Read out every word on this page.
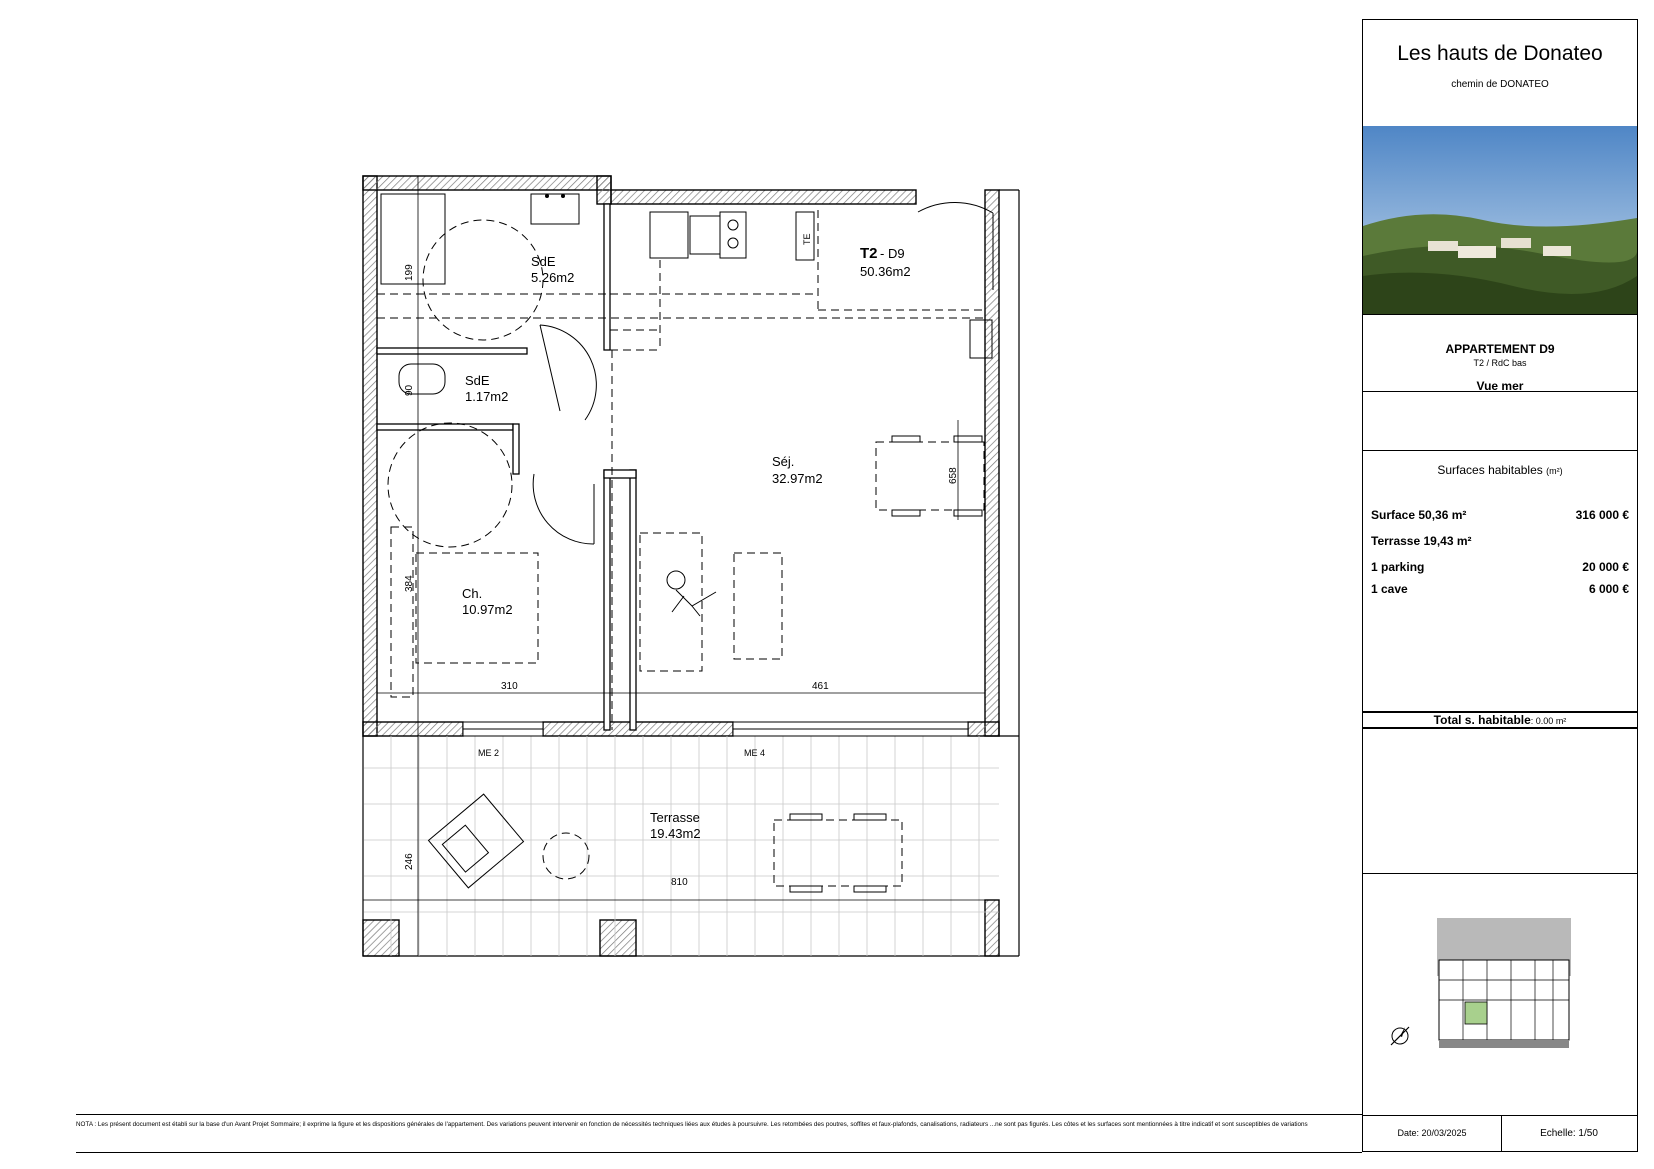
SdE
5.26m2
SdE
1.17m2
Séj.
32.97m2
Ch.
10.97m2
Terrasse
19.43m2
T2 - D9
50.36m2
199
90
384
310	461
658
246
810
ME 2	ME 4
TE
Les hauts de Donateo
chemin de DONATEO
APPARTEMENT D9
T2 / RdC bas
Vue mer
Surfaces habitables (m²)
Surface 50,36 m²	316 000 €
Terrasse 19,43 m²
1 parking	20 000 €
1 cave	6 000 €
Total s. habitable: 0.00 m²
Date: 20/03/2025	Echelle: 1/50
NOTA : Les présent document est établi sur la base d'un Avant Projet Sommaire; il exprime la figure et les dispositions générales de l'appartement. Des variations peuvent intervenir en fonction de nécessités techniques liées aux études à poursuivre. Les retombées des poutres, soffites et faux-plafonds, canalisations, radiateurs ...ne sont pas figurés. Les côtes et les surfaces sont mentionnées à titre indicatif et sont susceptibles de variations
